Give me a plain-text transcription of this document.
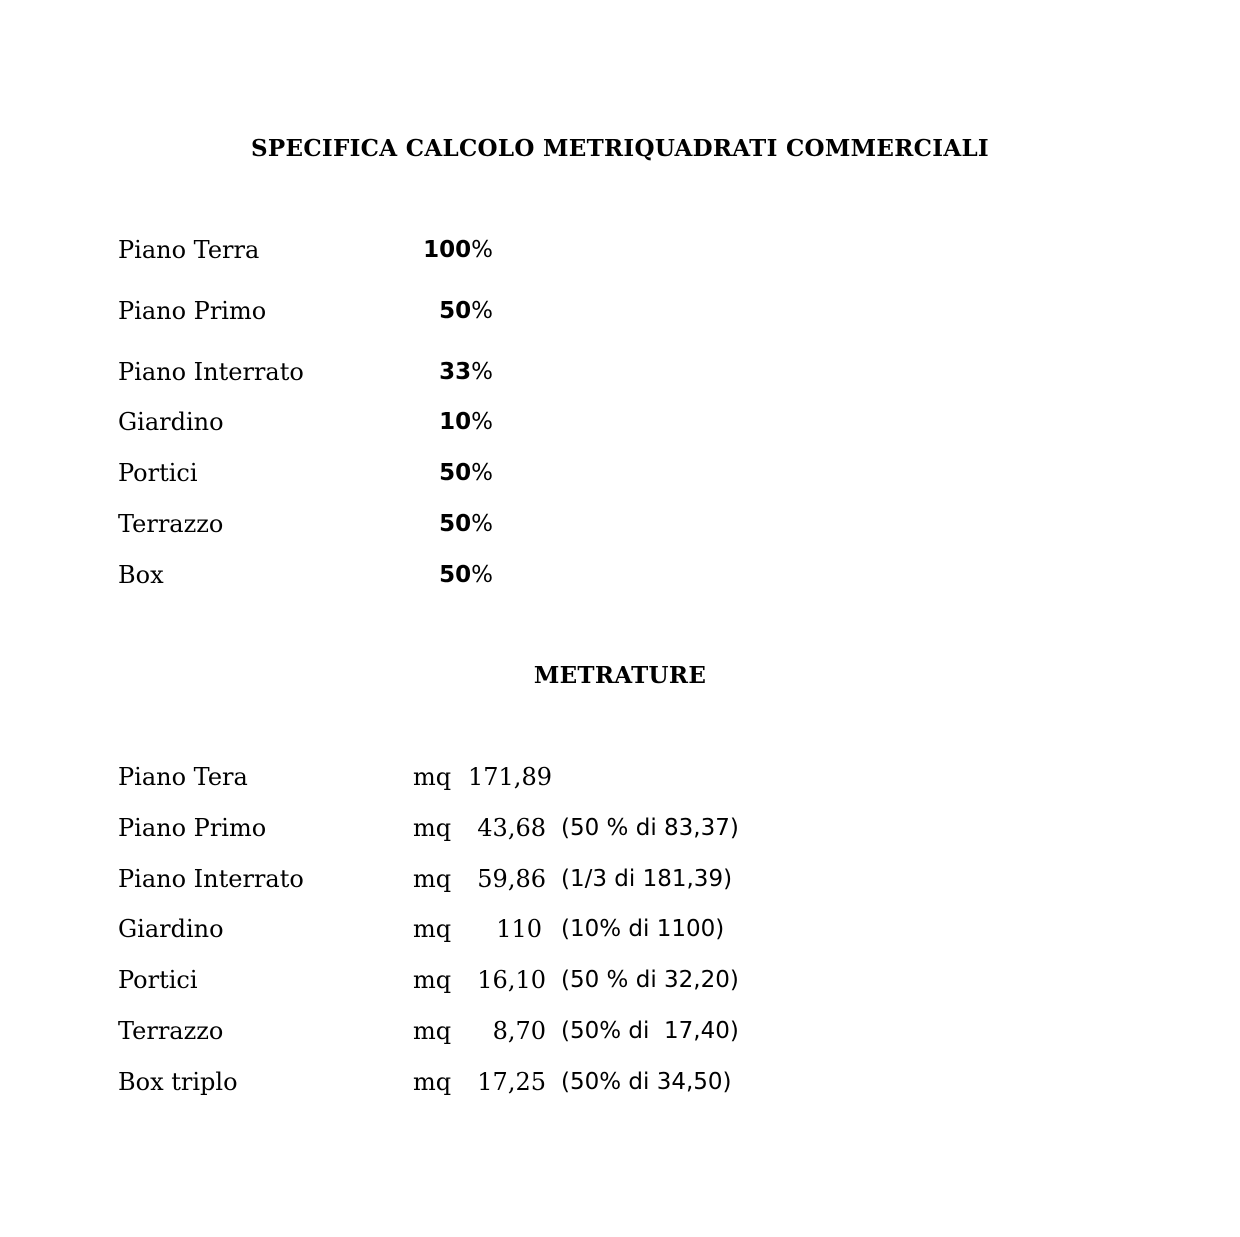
SPECIFICA CALCOLO METRIQUADRATI COMMERCIALI
Piano Terra	100%
Piano Primo	50%
Piano Interrato	33%
Giardino	10%
Portici	50%
Terrazzo	50%
Box	50%
METRATURE
Piano Tera	mq 171,89
Piano Primo	mq	43,68 (50 % di 83,37)
Piano Interrato	mq	59,86 (1/3 di 181,39)
Giardino	mq	110 (10% di 1100)
Portici	mq	16,10 (50 % di 32,20)
Terrazzo	mq	8,70 (50% di  17,40)
Box triplo	mq	17,25 (50% di 34,50)
